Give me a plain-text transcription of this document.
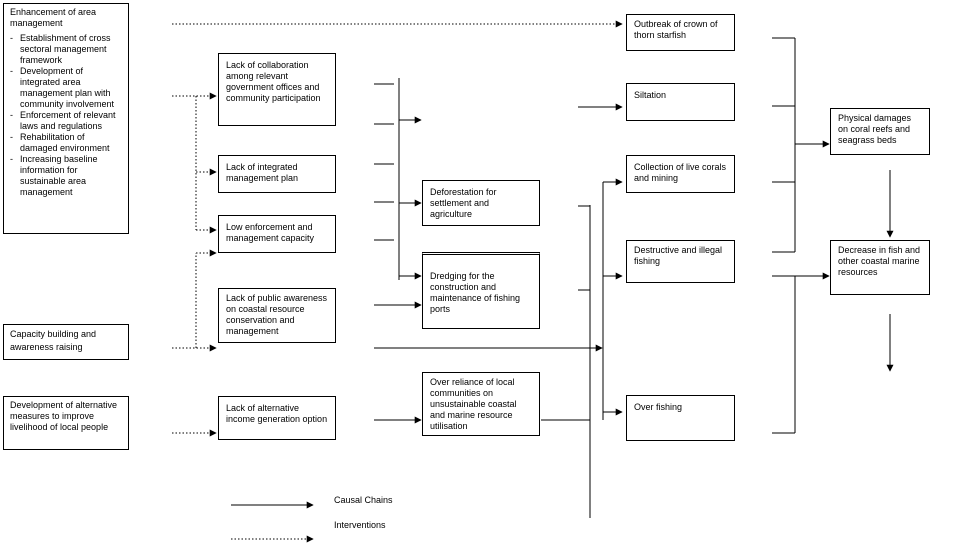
Enhancement of area management
- Establishment of cross sectoral management framework
- Development of integrated area management plan with community involvement
- Enforcement of relevant laws and regulations
- Rehabilitation of damaged environment
- Increasing baseline information for sustainable area management
Capacity building and awareness raising
Development of alternative measures to improve livelihood of local people
Lack of collaboration among relevant government offices and community participation
Lack of integrated management plan
Low enforcement and management capacity
Lack of public awareness on coastal resource conservation and management
Lack of alternative income generation option
Deforestation for settlement and agriculture
Dredging for the construction and maintenance of fishing ports
Over reliance of local communities on unsustainable coastal and marine resource utilisation
Outbreak of crown of thorn starfish
Siltation
Collection of live corals and mining
Destructive and illegal fishing
Over fishing
Physical damages on coral reefs and seagrass beds
Decrease in fish and other coastal marine resources
Causal Chains
Interventions
